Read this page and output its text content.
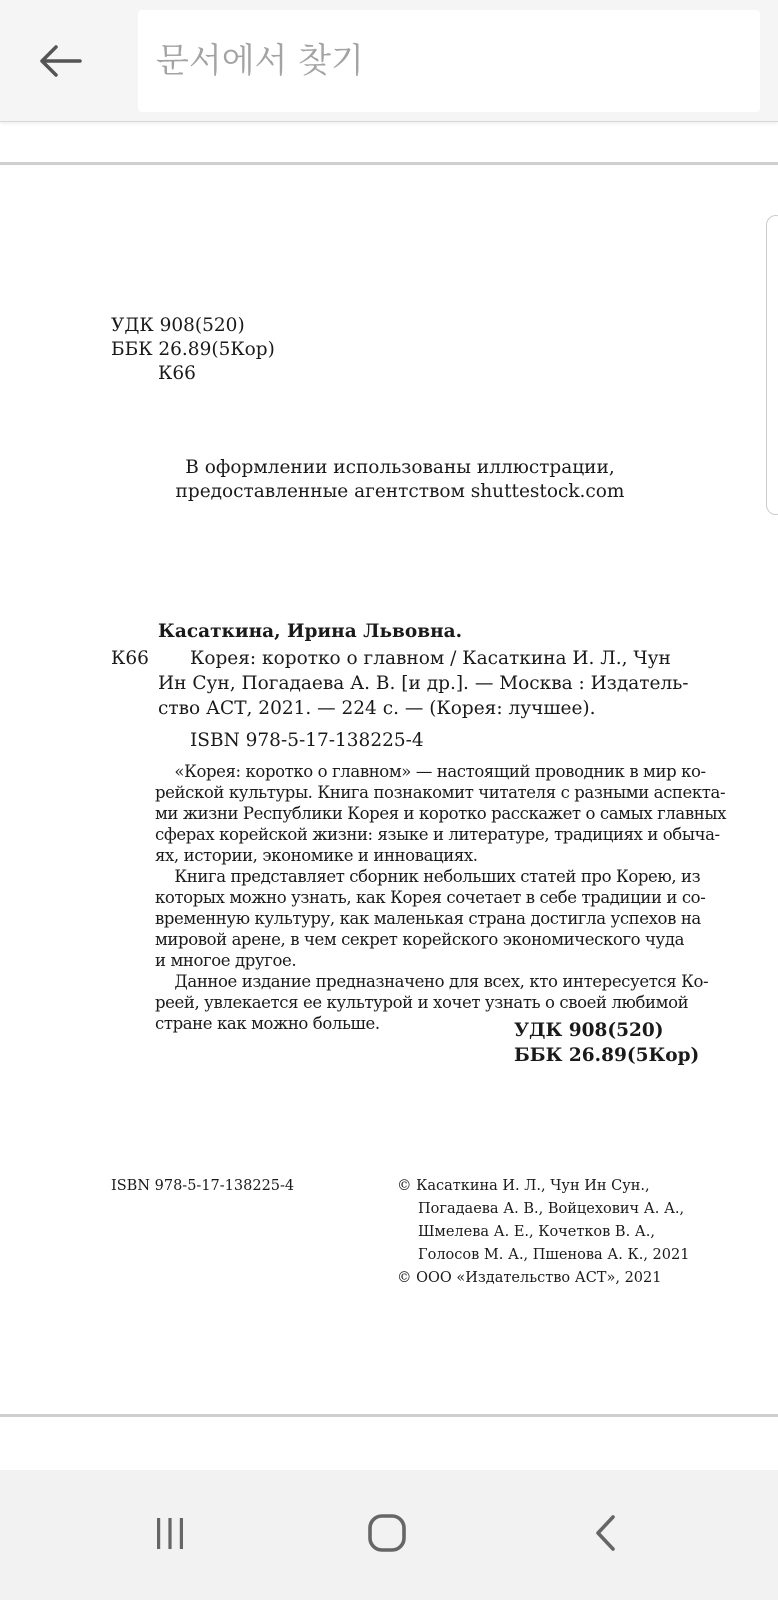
문서에서 찾기
УДК 908(520)
ББК 26.89(5Кор)
К66
В оформлении использованы иллюстрации,
предоставленные агентством shuttestock.com
Касаткина, Ирина Львовна.
К66 Корея: коротко о главном / Касаткина И. Л., Чун
Ин Сун, Погадаева А. В. [и др.]. — Москва : Издатель-
ство АСТ, 2021. — 224 с. — (Корея: лучшее).
ISBN 978-5-17-138225-4
«Корея: коротко о главном» — настоящий проводник в мир ко-
рейской культуры. Книга познакомит читателя с разными аспекта-
ми жизни Республики Корея и коротко расскажет о самых главных
сферах корейской жизни: языке и литературе, традициях и обыча-
ях, истории, экономике и инновациях.
Книга представляет сборник небольших статей про Корею, из
которых можно узнать, как Корея сочетает в себе традиции и со-
временную культуру, как маленькая страна достигла успехов на
мировой арене, в чем секрет корейского экономического чуда
и многое другое.
Данное издание предназначено для всех, кто интересуется Ко-
реей, увлекается ее культурой и хочет узнать о своей любимой
стране как можно больше.	УДК 908(520)
ББК 26.89(5Кор)
ISBN 978-5-17-138225-4	© Касаткина И. Л., Чун Ин Сун.,
Погадаева А. В., Войцехович А. А.,
Шмелева А. Е., Кочетков В. А.,
Голосов М. А., Пшенова А. К., 2021
© ООО «Издательство АСТ», 2021
